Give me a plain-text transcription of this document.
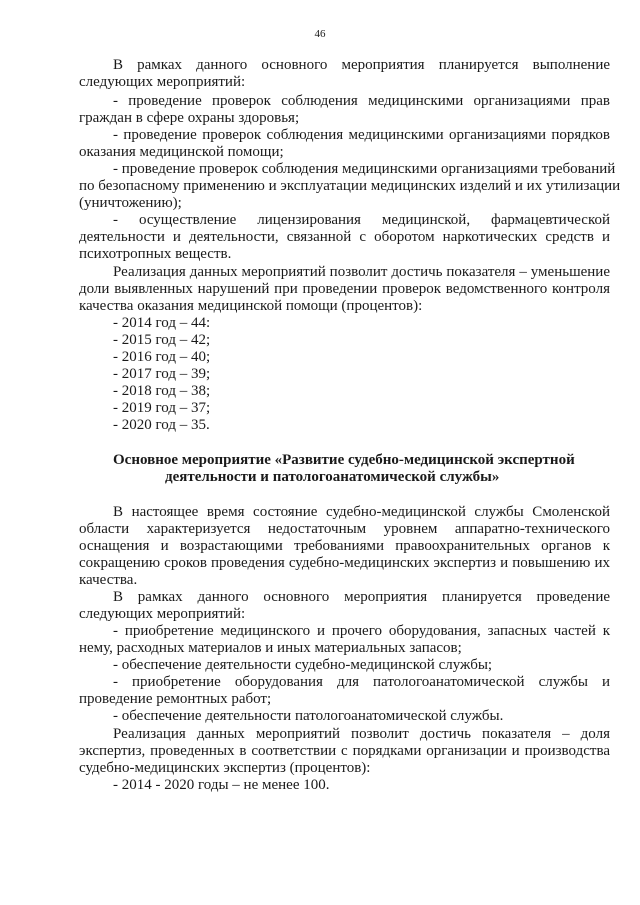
46
В рамках данного основного мероприятия планируется выполнение
следующих мероприятий:
- проведение проверок соблюдения медицинскими организациями прав
граждан в сфере охраны здоровья;
- проведение проверок соблюдения медицинскими организациями порядков
оказания медицинской помощи;
- проведение проверок соблюдения медицинскими организациями требований
по безопасному применению и эксплуатации медицинских изделий и их утилизации
(уничтожению);
- осуществление лицензирования медицинской, фармацевтической
деятельности и деятельности, связанной с оборотом наркотических средств и
психотропных веществ.
Реализация данных мероприятий позволит достичь показателя – уменьшение
доли выявленных нарушений при проведении проверок ведомственного контроля
качества оказания медицинской помощи (процентов):
- 2014 год – 44:
- 2015 год – 42;
- 2016 год – 40;
- 2017 год – 39;
- 2018 год – 38;
- 2019 год – 37;
- 2020 год – 35.
Основное мероприятие «Развитие судебно-медицинской экспертной
деятельности и патологоанатомической службы»
В настоящее время состояние судебно-медицинской службы Смоленской
области характеризуется недостаточным уровнем аппаратно-технического
оснащения и возрастающими требованиями правоохранительных органов к
сокращению сроков проведения судебно-медицинских экспертиз и повышению их
качества.
В рамках данного основного мероприятия планируется проведение
следующих мероприятий:
- приобретение медицинского и прочего оборудования, запасных частей к
нему, расходных материалов и иных материальных запасов;
- обеспечение деятельности судебно-медицинской службы;
- приобретение оборудования для патологоанатомической службы и
проведение ремонтных работ;
- обеспечение деятельности патологоанатомической службы.
Реализация данных мероприятий позволит достичь показателя – доля
экспертиз, проведенных в соответствии с порядками организации и производства
судебно-медицинских экспертиз (процентов):
- 2014 - 2020 годы – не менее 100.
